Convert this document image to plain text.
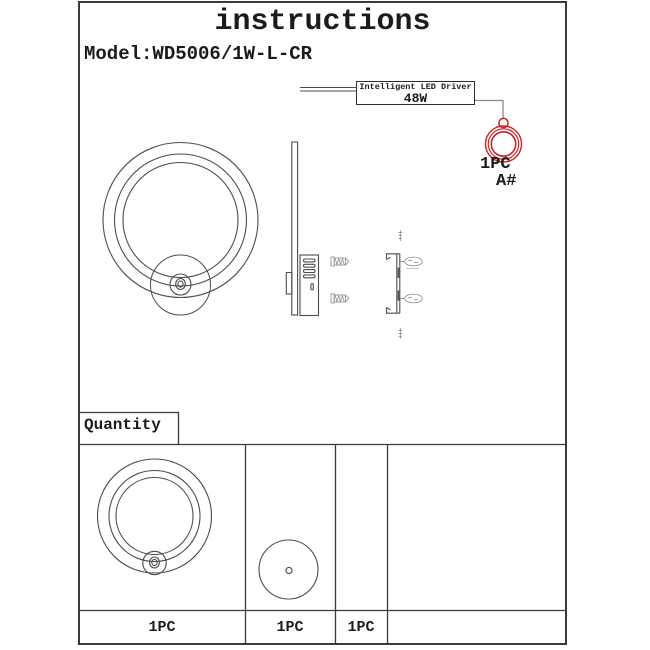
instructions
Model:WD5006/1W-L-CR
Intelligent LED Driver
48W
1PC
A#
Quantity
1PC	1PC	1PC
